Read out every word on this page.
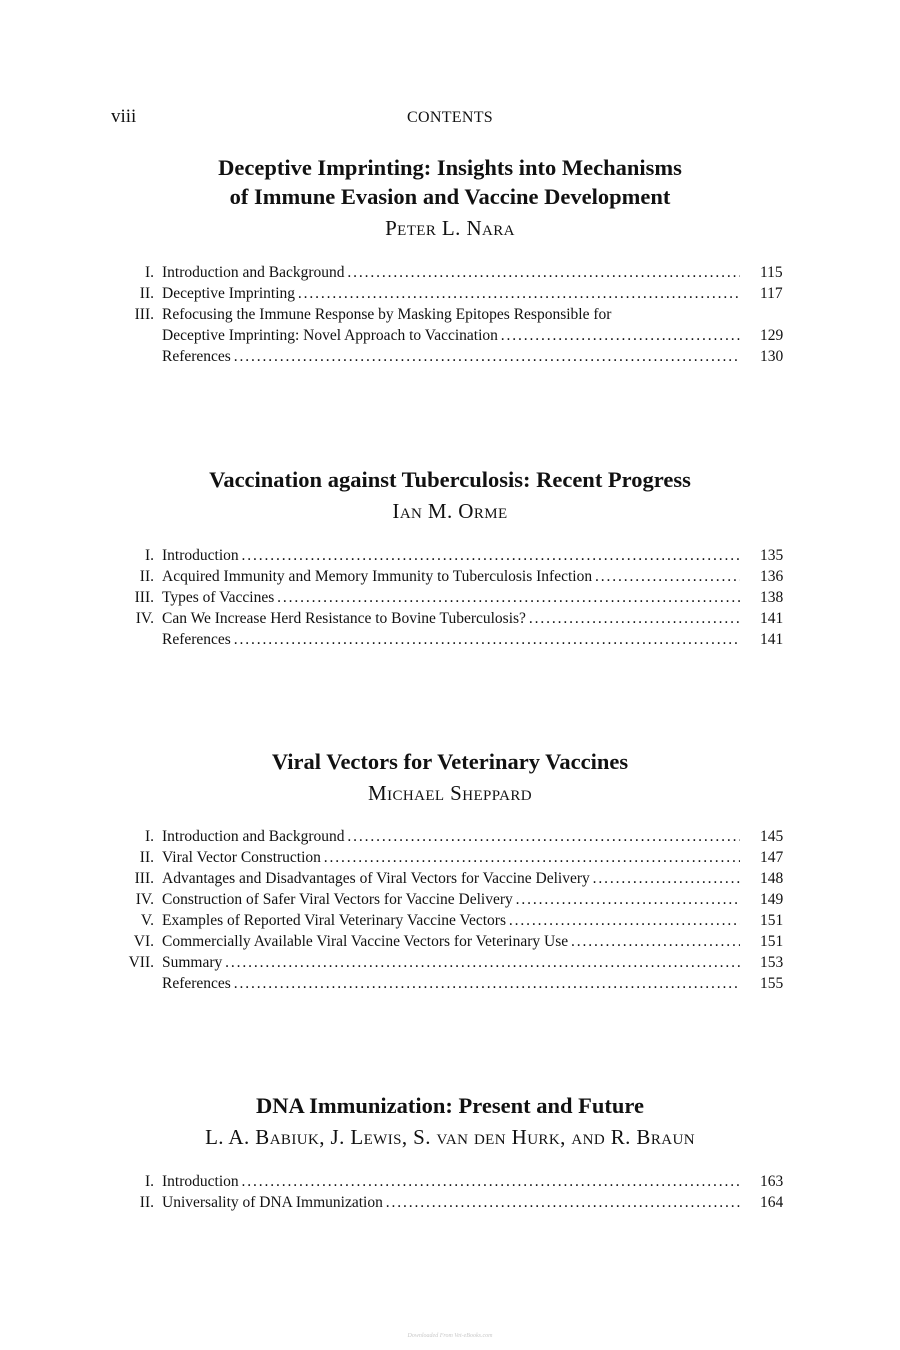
viii	CONTENTS
Deceptive Imprinting: Insights into Mechanisms
of Immune Evasion and Vaccine Development
Peter L. Nara
I. Introduction and Background . . .	115
II. Deceptive Imprinting . . .	117
III. Refocusing the Immune Response by Masking Epitopes Responsible for
Deceptive Imprinting: Novel Approach to Vaccination . . .	129
References . . .	130
Vaccination against Tuberculosis: Recent Progress
Ian M. Orme
I. Introduction . . .	135
II. Acquired Immunity and Memory Immunity to Tuberculosis Infection . . .	136
III. Types of Vaccines . . .	138
IV. Can We Increase Herd Resistance to Bovine Tuberculosis? . . .	141
References . . .	141
Viral Vectors for Veterinary Vaccines
Michael Sheppard
I. Introduction and Background . . .	145
II. Viral Vector Construction . . .	147
III. Advantages and Disadvantages of Viral Vectors for Vaccine Delivery . . .	148
IV. Construction of Safer Viral Vectors for Vaccine Delivery . . .	149
V. Examples of Reported Viral Veterinary Vaccine Vectors . . .	151
VI. Commercially Available Viral Vaccine Vectors for Veterinary Use . . .	151
VII. Summary . . .	153
References . . .	155
DNA Immunization: Present and Future
L. A. Babiuk, J. Lewis, S. van den Hurk, and R. Braun
I. Introduction . . .	163
II. Universality of DNA Immunization . . .	164
Downloaded From Vet-eBooks.com
